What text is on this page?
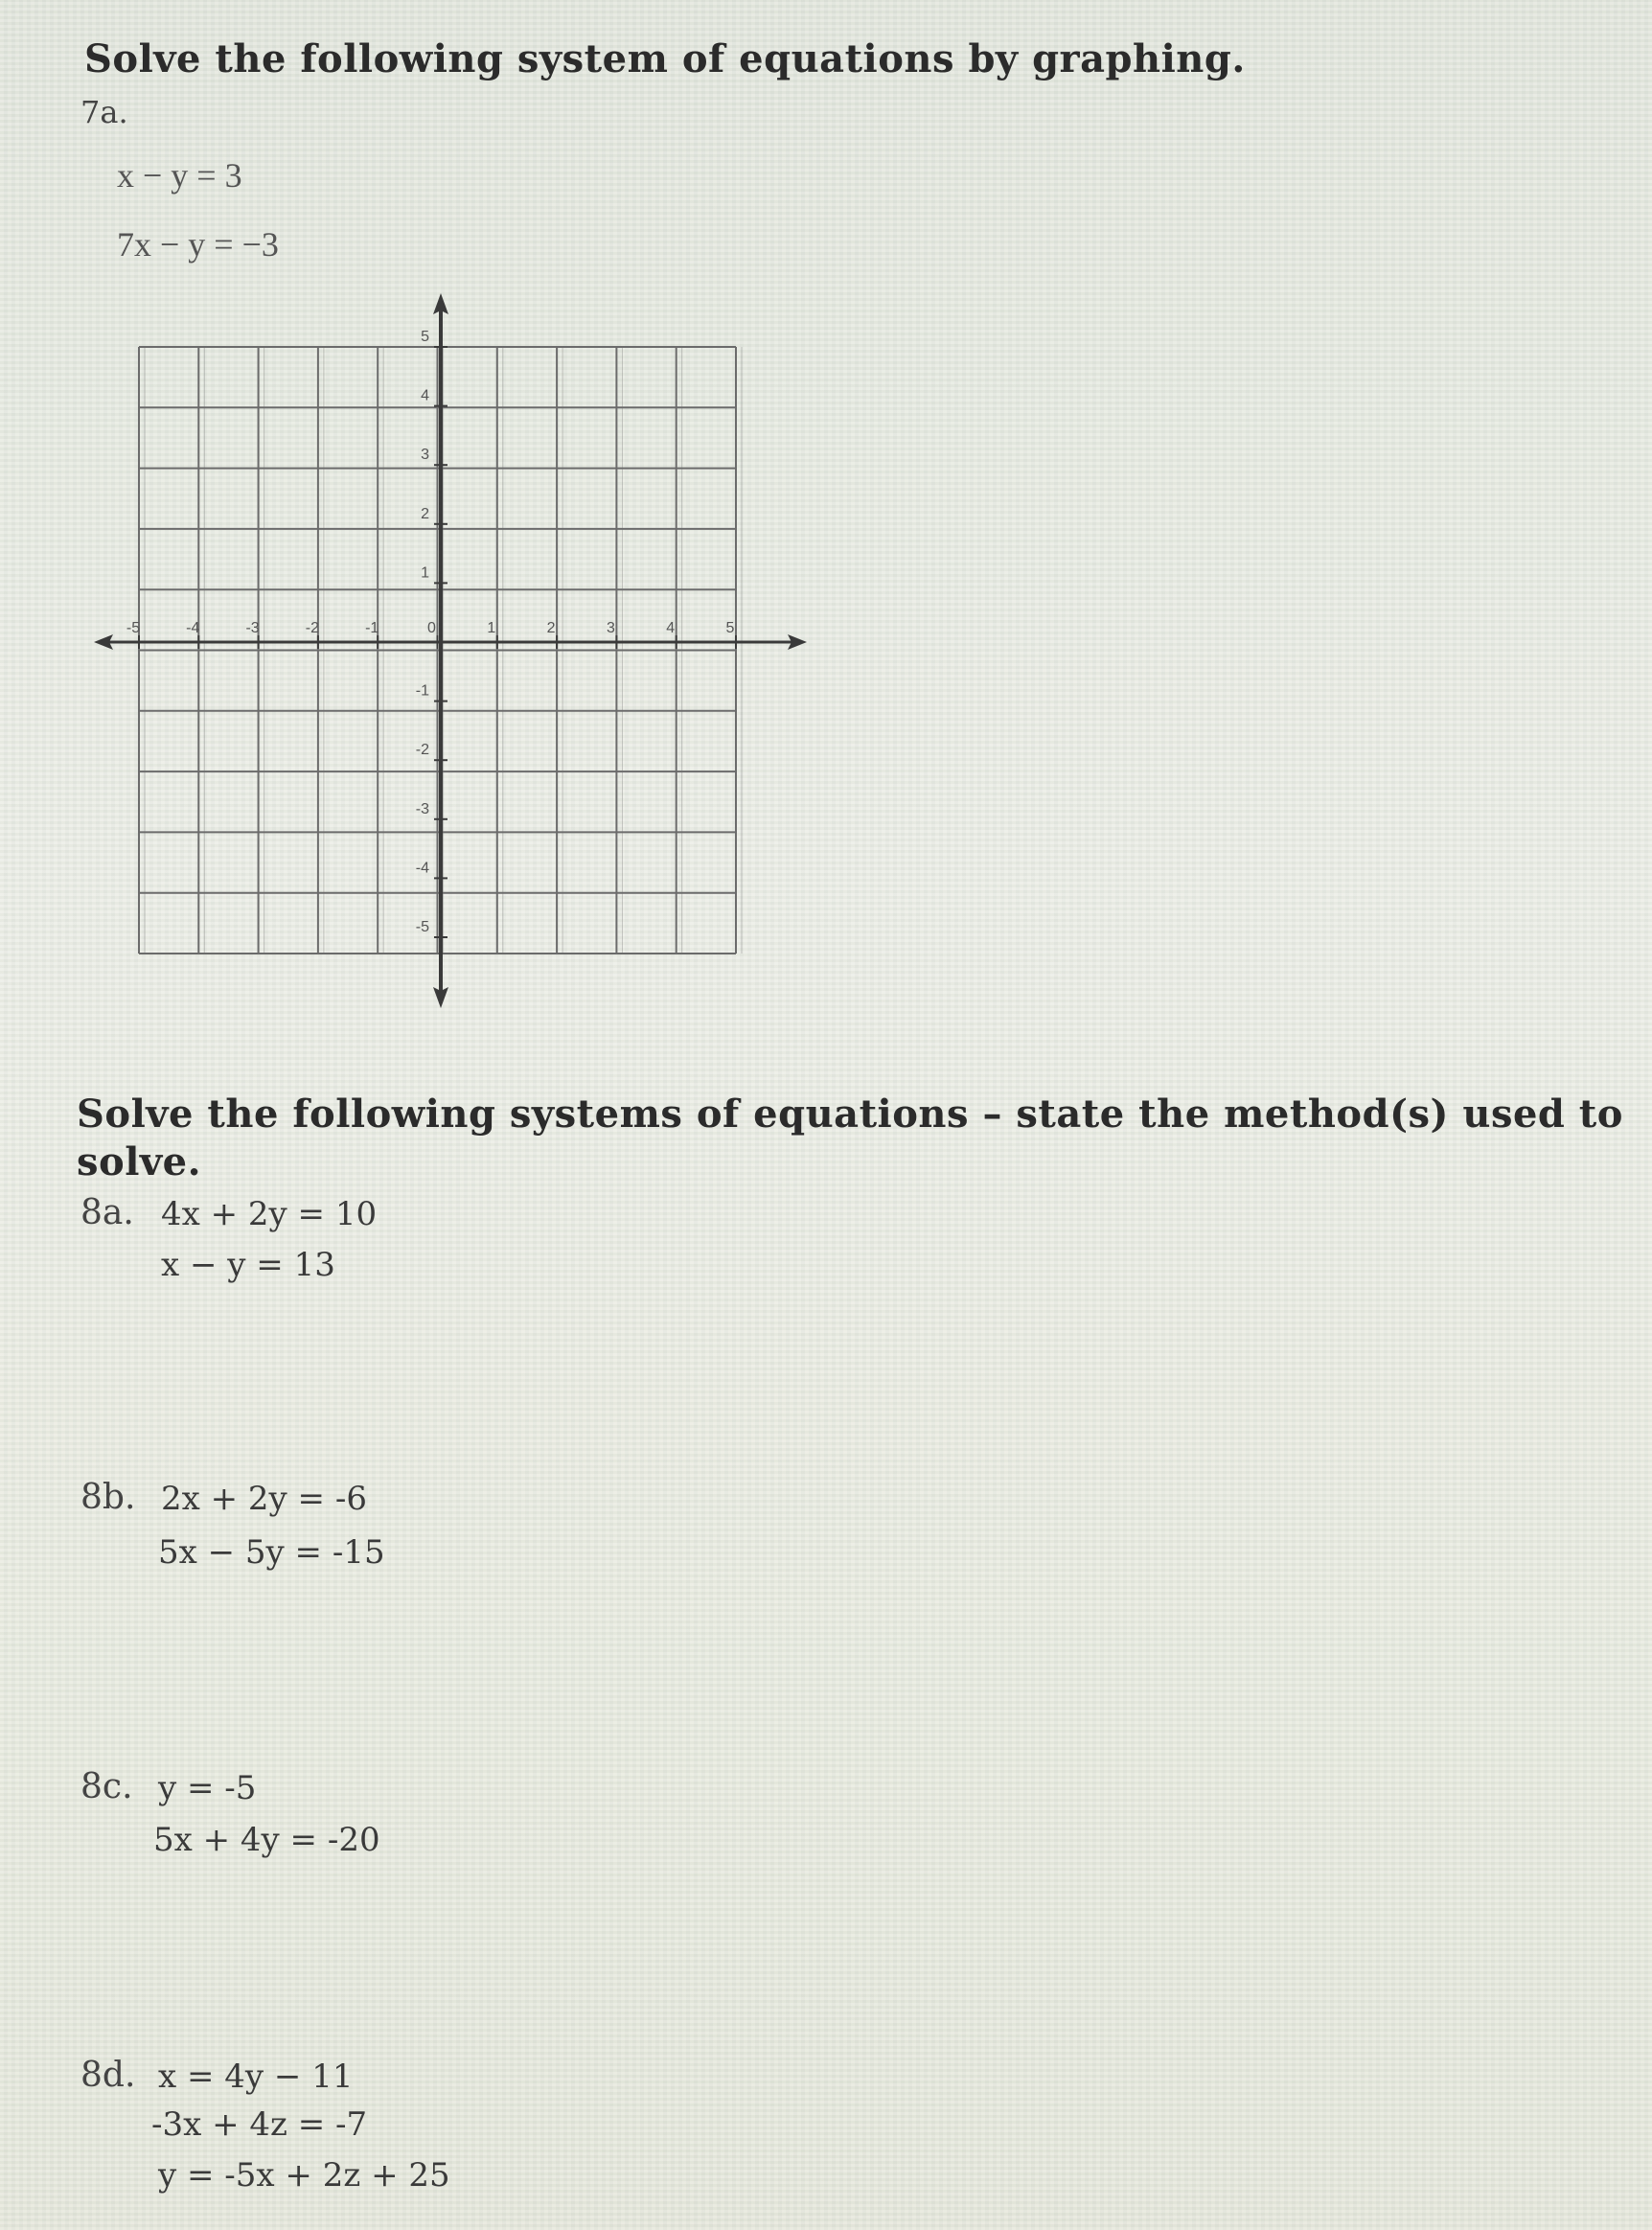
Solve the following system of equations by graphing.
7a.
x − y = 3
7x − y = −3
-5	-4	-3	-2	-1	0	1	2	3	4	5
5
4
3
2
1
-1
-2
-3
-4
-5
Solve the following systems of equations – state the method(s) used to solve.
8a. 4x + 2y = 10
x − y = 13
8b. 2x + 2y = -6
5x − 5y = -15
8c. y = -5
5x + 4y = -20
8d. x = 4y − 11
-3x + 4z = -7
y = -5x + 2z + 25
